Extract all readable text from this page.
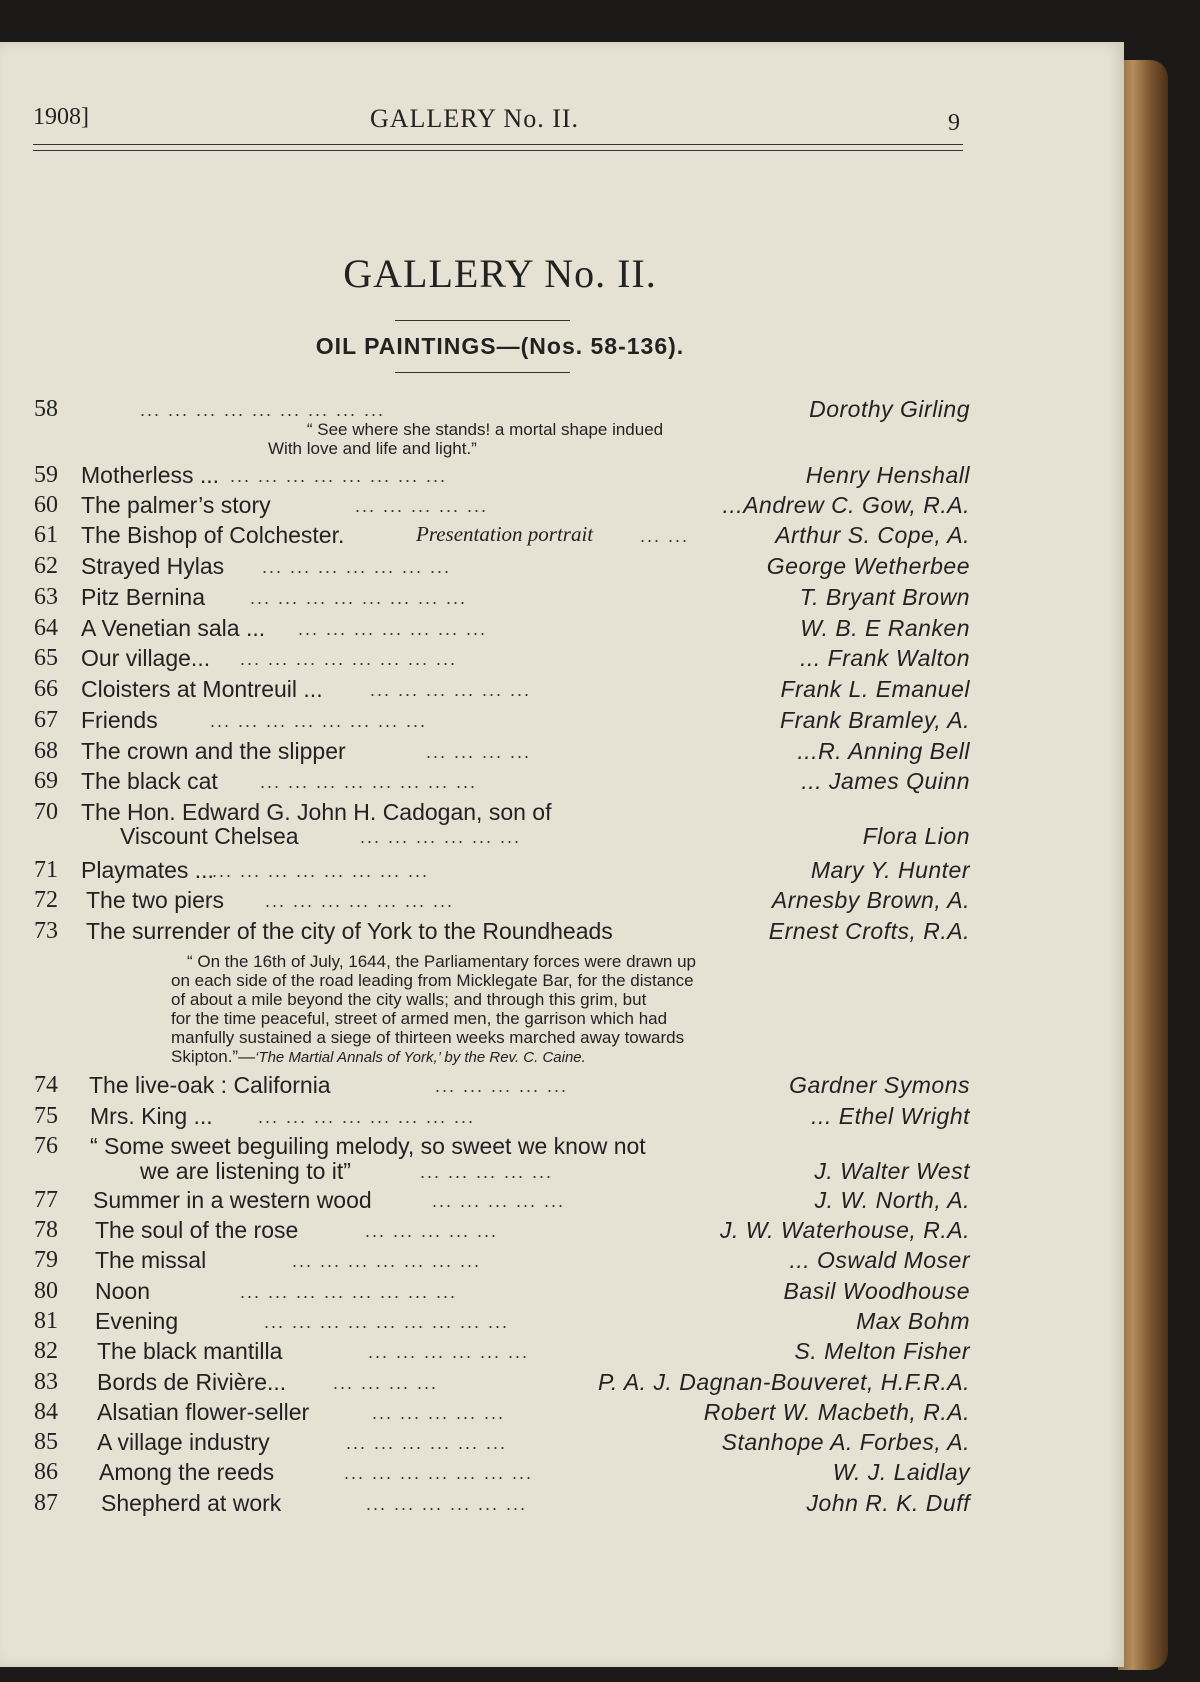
1908]	GALLERY No. II.	9
GALLERY No. II.
OIL PAINTINGS—(Nos. 58-136).
58	... ... ... ... ... ... ... ... ...	Dorothy Girling
59 Motherless ... ... ... ... ... ... ... ... ...	Henry Henshall
60 The palmer’s story	... ... ... ... ...	...Andrew C. Gow, R.A.
61 The Bishop of Colchester.	Presentation portrait	... ...	Arthur S. Cope, A.
62 Strayed Hylas ... ... ... ... ... ... ...	George Wetherbee
63 Pitz Bernina ... ... ... ... ... ... ... ...	T. Bryant Brown
64 A Venetian sala ... ... ... ... ... ... ... ...	W. B. E Ranken
65 Our village... ... ... ... ... ... ... ... ...	... Frank Walton
66 Cloisters at Montreuil ...	... ... ... ... ... ...	Frank L. Emanuel
67 Friends	... ... ... ... ... ... ... ...	Frank Bramley, A.
68 The crown and the slipper	... ... ... ...	...R. Anning Bell
69 The black cat ... ... ... ... ... ... ... ...	... James Quinn
70 The Hon. Edward G. John H. Cadogan, son of
Viscount Chelsea	... ... ... ... ... ...	Flora Lion
71 Playmates ...
... ... ... ... ... ... ... ...	Mary Y. Hunter
72 The two piers ... ... ... ... ... ... ...	Arnesby Brown, A.
73 The surrender of the city of York to the Roundheads	Ernest Crofts, R.A.
74 The live-oak : California	... ... ... ... ...	Gardner Symons
75 Mrs. King ...	... ... ... ... ... ... ... ...	... Ethel Wright
76 “ Some sweet beguiling melody, so sweet we know not
we are listening to it”	... ... ... ... ...	J. Walter West
77 Summer in a western wood	... ... ... ... ...	J. W. North, A.
78 The soul of the rose	... ... ... ... ...	J. W. Waterhouse, R.A.
79 The missal	... ... ... ... ... ... ...	... Oswald Moser
80 Noon	... ... ... ... ... ... ... ...	Basil Woodhouse
81 Evening	... ... ... ... ... ... ... ... ...	Max Bohm
82 The black mantilla	... ... ... ... ... ...	S. Melton Fisher
83 Bords de Rivière...	... ... ... ...	P. A. J. Dagnan-Bouveret, H.F.R.A.
84 Alsatian flower-seller	... ... ... ... ...	Robert W. Macbeth, R.A.
85 A village industry	... ... ... ... ... ...	Stanhope A. Forbes, A.
86 Among the reeds	... ... ... ... ... ... ...	W. J. Laidlay
87 Shepherd at work	... ... ... ... ... ...	John R. K. Duff
“ See where she stands! a mortal shape indued
With love and life and light.”
“ On the 16th of July, 1644, the Parliamentary forces were drawn up
on each side of the road leading from Micklegate Bar, for the distance
of about a mile beyond the city walls; and through this grim, but
for the time peaceful, street of armed men, the garrison which had
manfully sustained a siege of thirteen weeks marched away towards
Skipton.”—‘The Martial Annals of York,’ by the Rev. C. Caine.
